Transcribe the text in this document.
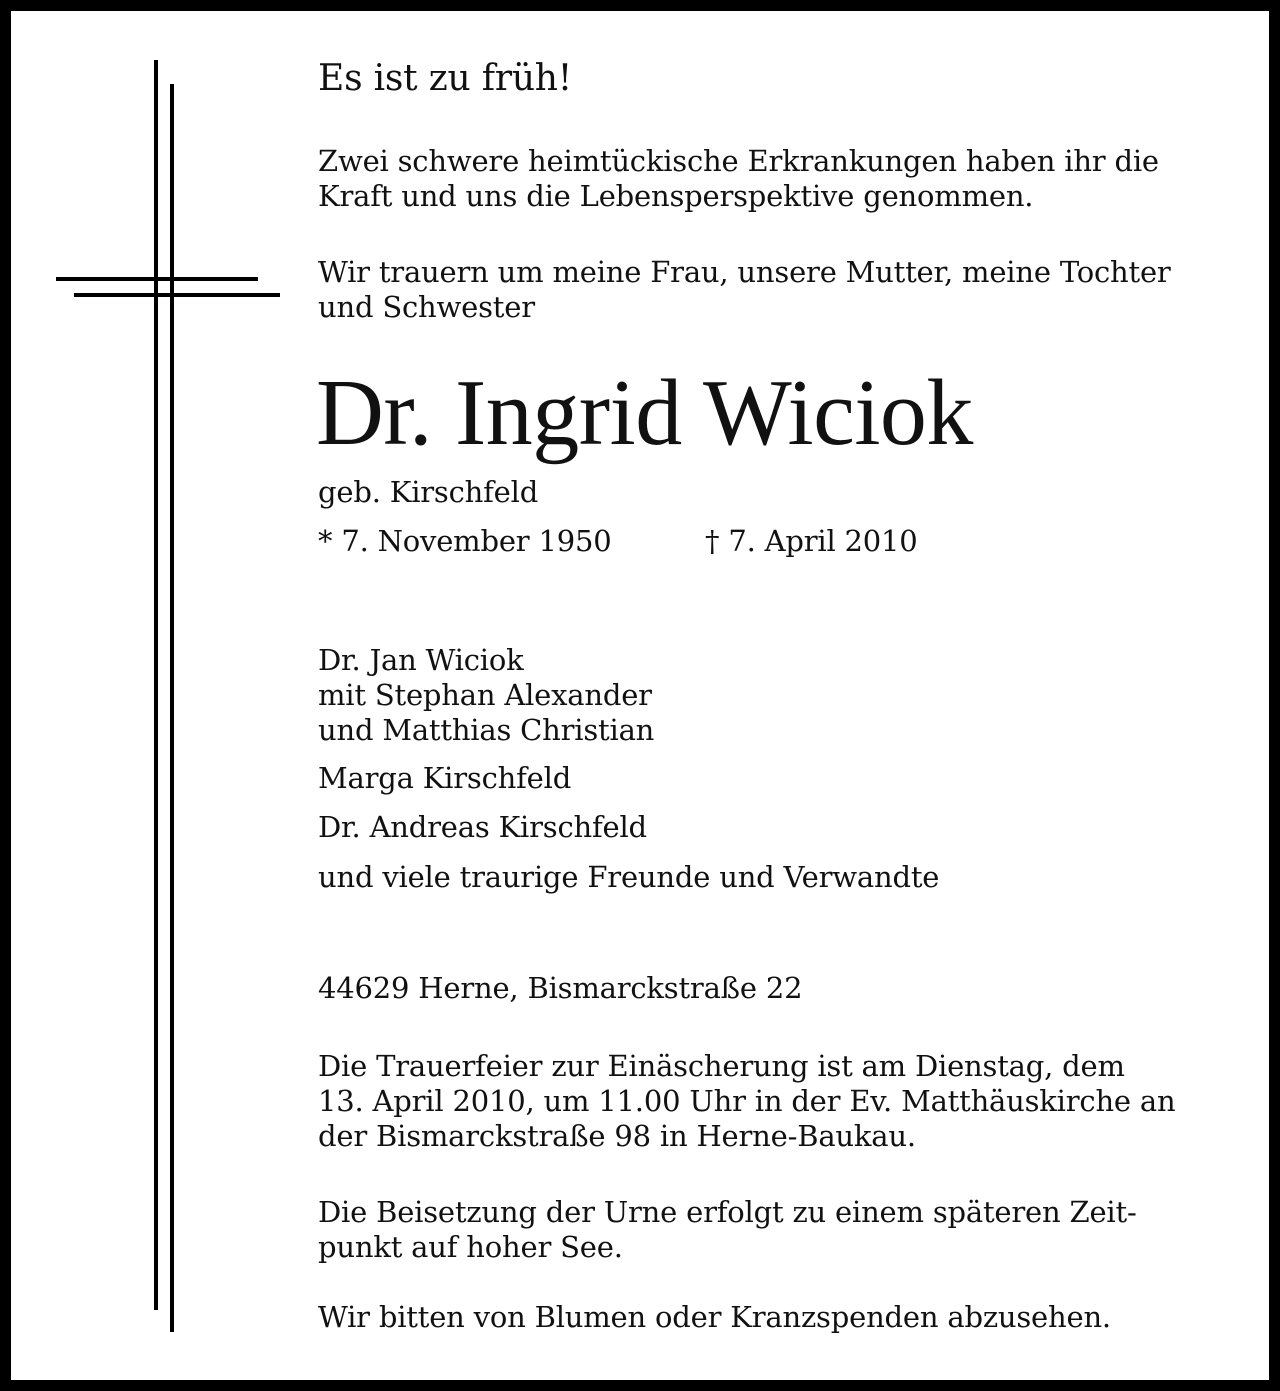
Es ist zu früh!
Zwei schwere heimtückische Erkrankungen haben ihr die
Kraft und uns die Lebensperspektive genommen.
Wir trauern um meine Frau, unsere Mutter, meine Tochter
und Schwester
Dr. Ingrid Wiciok
geb. Kirschfeld
* 7. November 1950	† 7. April 2010
Dr. Jan Wiciok
mit Stephan Alexander
und Matthias Christian
Marga Kirschfeld
Dr. Andreas Kirschfeld
und viele traurige Freunde und Verwandte
44629 Herne, Bismarckstraße 22
Die Trauerfeier zur Einäscherung ist am Dienstag, dem
13. April 2010, um 11.00 Uhr in der Ev. Matthäuskirche an
der Bismarckstraße 98 in Herne-Baukau.
Die Beisetzung der Urne erfolgt zu einem späteren Zeit-
punkt auf hoher See.
Wir bitten von Blumen oder Kranzspenden abzusehen.
